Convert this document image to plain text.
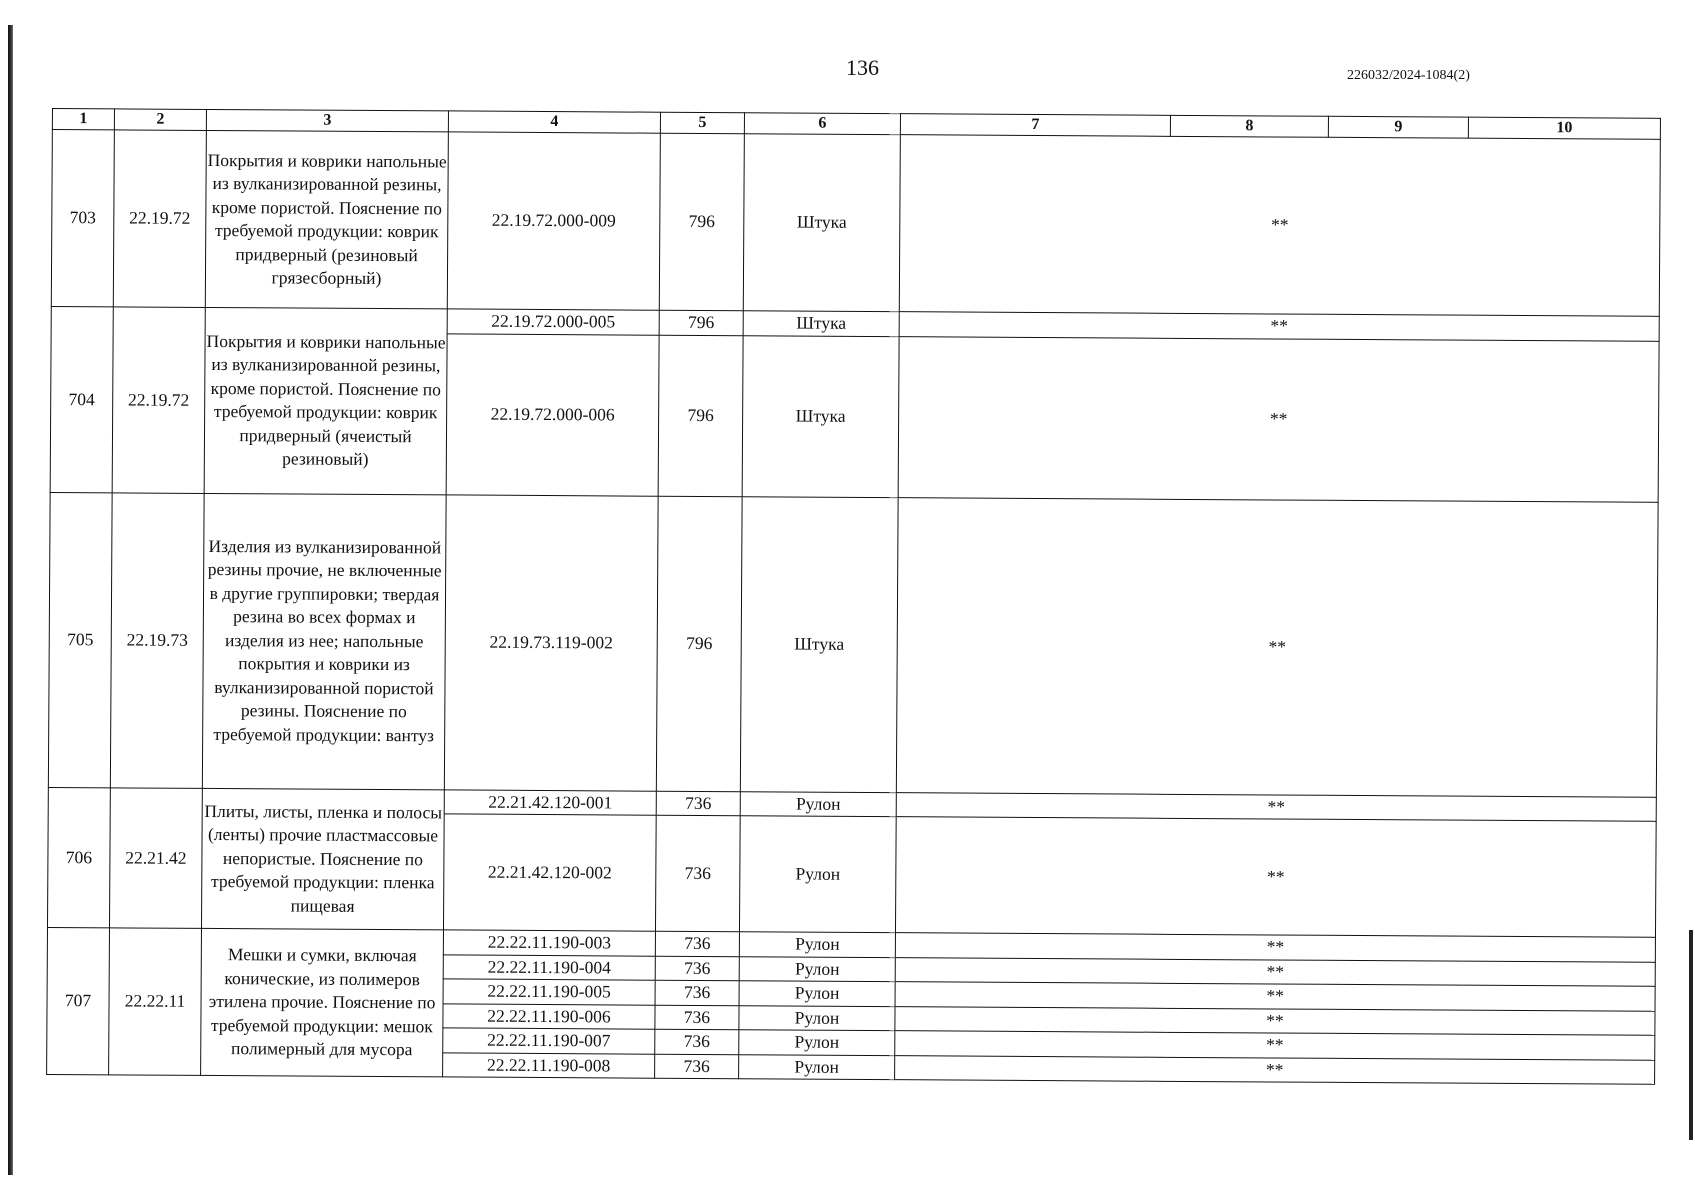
136	226032/2024-1084(2)
1	2	3	4	5	6	7	8	9	10
703	22.19.72	Покрытия и коврики напольные из вулканизированной резины, кроме пористой. Пояснение по требуемой продукции: коврик придверный (резиновый грязесборный)	22.19.72.000-009	796	Штука	**			
704	22.19.72	Покрытия и коврики напольные из вулканизированной резины, кроме пористой. Пояснение по требуемой продукции: коврик придверный (ячеистый резиновый)	22.19.72.000-005	796	Штука	**			
			22.19.72.000-006	796	Штука	**			
705	22.19.73	Изделия из вулканизированной резины прочие, не включенные в другие группировки; твердая резина во всех формах и изделия из нее; напольные покрытия и коврики из вулканизированной пористой резины. Пояснение по требуемой продукции: вантуз	22.19.73.119-002	796	Штука	**			
706	22.21.42	Плиты, листы, пленка и полосы (ленты) прочие пластмассовые непористые. Пояснение по требуемой продукции: пленка пищевая	22.21.42.120-001	736	Рулон	**			
			22.21.42.120-002	736	Рулон	**			
707	22.22.11	Мешки и сумки, включая конические, из полимеров этилена прочие. Пояснение по требуемой продукции: мешок полимерный для мусора	22.22.11.190-003	736	Рулон	**			
			22.22.11.190-004	736	Рулон	**			
			22.22.11.190-005	736	Рулон	**			
			22.22.11.190-006	736	Рулон	**			
			22.22.11.190-007	736	Рулон	**			
			22.22.11.190-008	736	Рулон	**			
